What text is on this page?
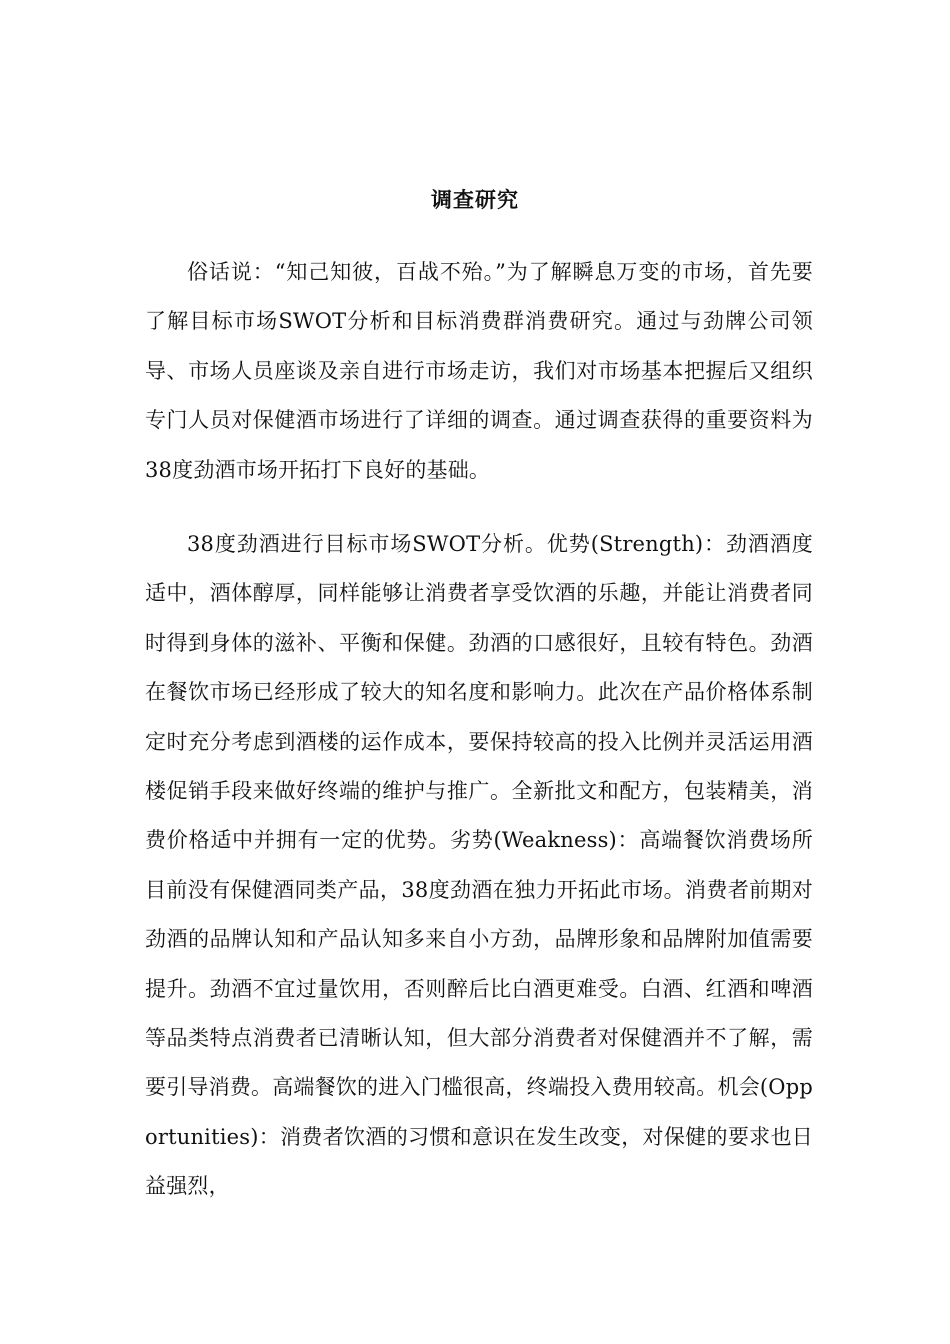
调查研究

俗话说：“知己知彼，百战不殆。”为了解瞬息万变的市场，首先要了解目标市场SWOT分析和目标消费群消费研究。通过与劲牌公司领导、市场人员座谈及亲自进行市场走访，我们对市场基本把握后又组织专门人员对保健酒市场进行了详细的调查。通过调查获得的重要资料为38度劲酒市场开拓打下良好的基础。

38度劲酒进行目标市场SWOT分析。优势(Strength)：劲酒酒度适中，酒体醇厚，同样能够让消费者享受饮酒的乐趣，并能让消费者同时得到身体的滋补、平衡和保健。劲酒的口感很好，且较有特色。劲酒在餐饮市场已经形成了较大的知名度和影响力。此次在产品价格体系制定时充分考虑到酒楼的运作成本，要保持较高的投入比例并灵活运用酒楼促销手段来做好终端的维护与推广。全新批文和配方，包装精美，消费价格适中并拥有一定的优势。劣势(Weakness)：高端餐饮消费场所目前没有保健酒同类产品，38度劲酒在独力开拓此市场。消费者前期对劲酒的品牌认知和产品认知多来自小方劲，品牌形象和品牌附加值需要提升。劲酒不宜过量饮用，否则醉后比白酒更难受。白酒、红酒和啤酒等品类特点消费者已清晰认知，但大部分消费者对保健酒并不了解，需要引导消费。高端餐饮的进入门槛很高，终端投入费用较高。机会(Opportunities)：消费者饮酒的习惯和意识在发生改变，对保健的要求也日益强烈，
